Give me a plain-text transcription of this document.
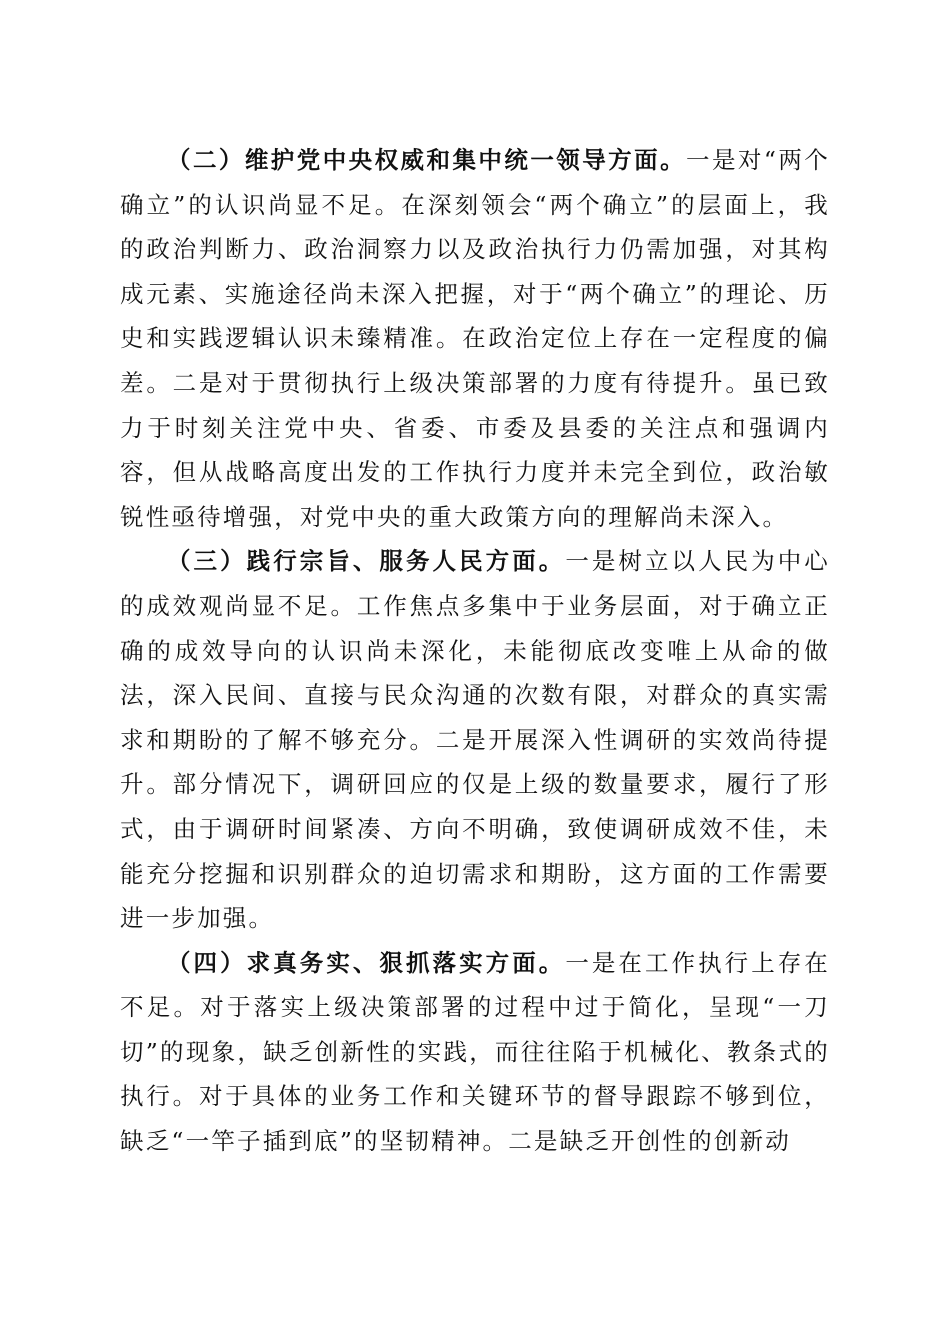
（二）维护党中央权威和集中统一领导方面。一是对“两个确立”的认识尚显不足。在深刻领会“两个确立”的层面上，我的政治判断力、政治洞察力以及政治执行力仍需加强，对其构成元素、实施途径尚未深入把握，对于“两个确立”的理论、历史和实践逻辑认识未臻精准。在政治定位上存在一定程度的偏差。二是对于贯彻执行上级决策部署的力度有待提升。虽已致力于时刻关注党中央、省委、市委及县委的关注点和强调内容，但从战略高度出发的工作执行力度并未完全到位，政治敏锐性亟待增强，对党中央的重大政策方向的理解尚未深入。

（三）践行宗旨、服务人民方面。一是树立以人民为中心的成效观尚显不足。工作焦点多集中于业务层面，对于确立正确的成效导向的认识尚未深化，未能彻底改变唯上从命的做法，深入民间、直接与民众沟通的次数有限，对群众的真实需求和期盼的了解不够充分。二是开展深入性调研的实效尚待提升。部分情况下，调研回应的仅是上级的数量要求，履行了形式，由于调研时间紧凑、方向不明确，致使调研成效不佳，未能充分挖掘和识别群众的迫切需求和期盼，这方面的工作需要进一步加强。

（四）求真务实、狠抓落实方面。一是在工作执行上存在不足。对于落实上级决策部署的过程中过于简化，呈现“一刀切”的现象，缺乏创新性的实践，而往往陷于机械化、教条式的执行。对于具体的业务工作和关键环节的督导跟踪不够到位，缺乏“一竿子插到底”的坚韧精神。二是缺乏开创性的创新动
